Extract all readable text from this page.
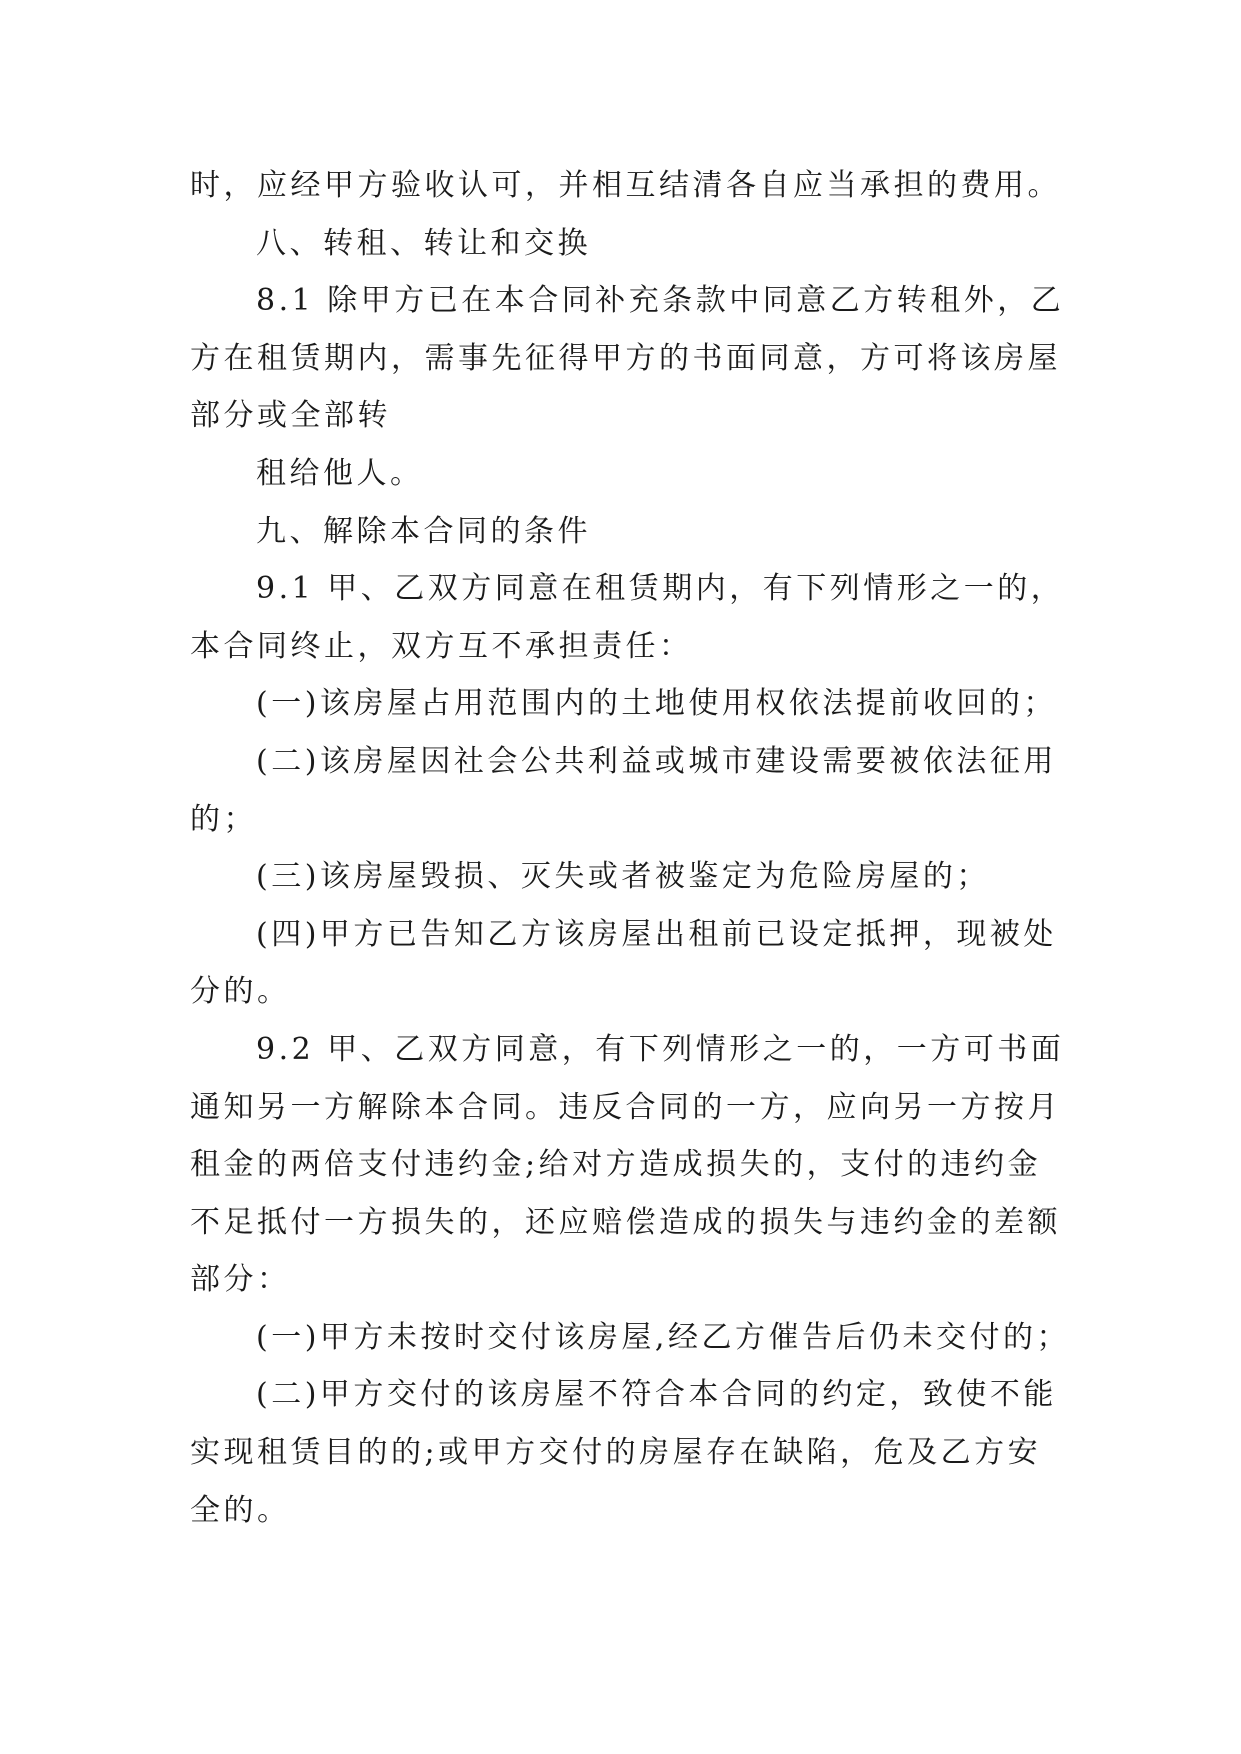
时，应经甲方验收认可，并相互结清各自应当承担的费用。
八、转租、转让和交换
8.1 除甲方已在本合同补充条款中同意乙方转租外，乙
方在租赁期内，需事先征得甲方的书面同意，方可将该房屋
部分或全部转
租给他人。
九、解除本合同的条件
9.1 甲、乙双方同意在租赁期内，有下列情形之一的，
本合同终止，双方互不承担责任：
(一)该房屋占用范围内的土地使用权依法提前收回的；
(二)该房屋因社会公共利益或城市建设需要被依法征用
的；
(三)该房屋毁损、灭失或者被鉴定为危险房屋的；
(四)甲方已告知乙方该房屋出租前已设定抵押，现被处
分的。
9.2 甲、乙双方同意，有下列情形之一的，一方可书面
通知另一方解除本合同。违反合同的一方，应向另一方按月
租金的两倍支付违约金;给对方造成损失的，支付的违约金
不足抵付一方损失的，还应赔偿造成的损失与违约金的差额
部分：
(一)甲方未按时交付该房屋,经乙方催告后仍未交付的；
(二)甲方交付的该房屋不符合本合同的约定，致使不能
实现租赁目的的;或甲方交付的房屋存在缺陷，危及乙方安
全的。
